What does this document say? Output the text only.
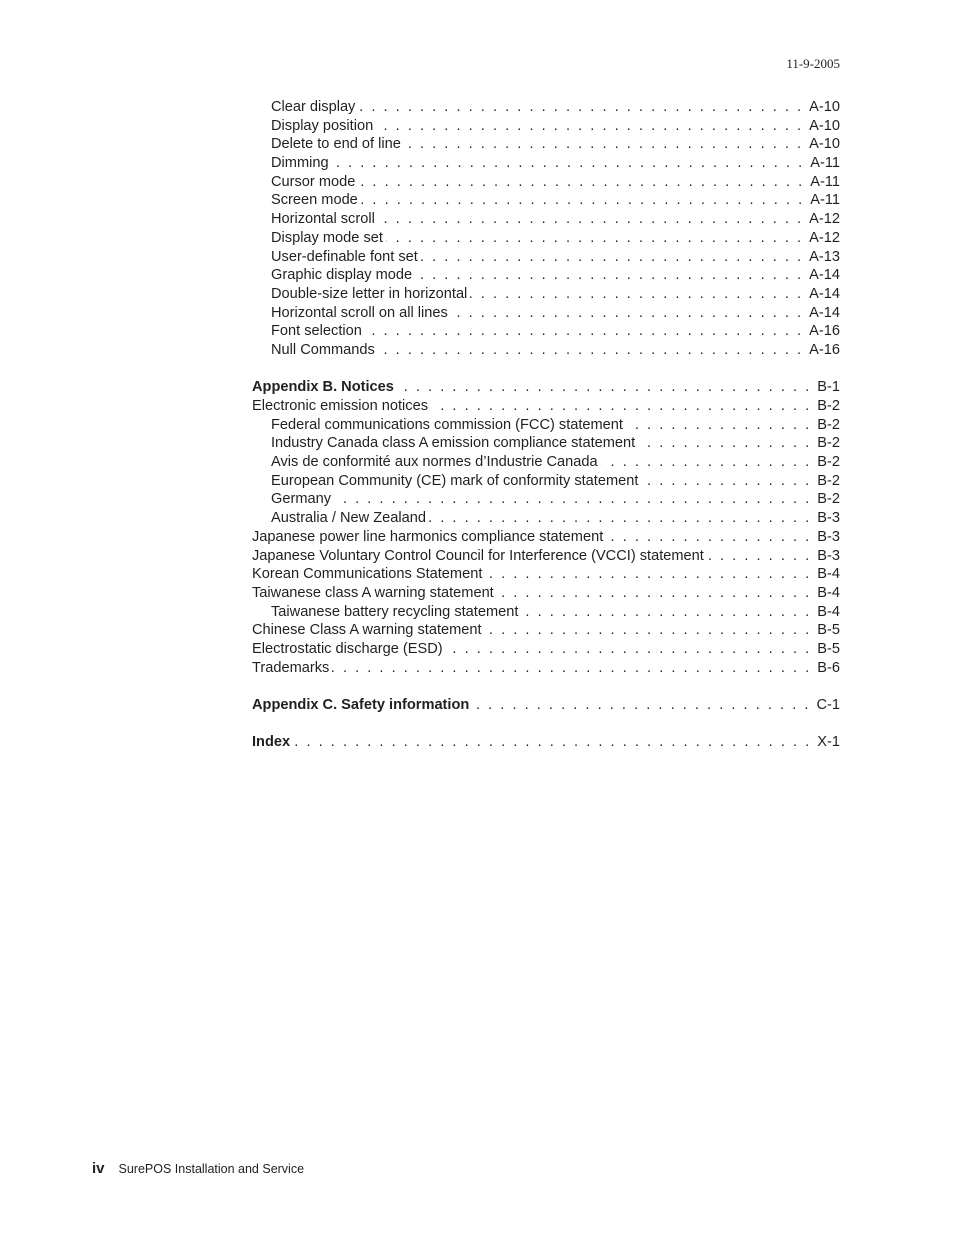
11-9-2005
Clear display . .	A-10
Display position . .	A-10
Delete to end of line . .	A-10
Dimming . .	A-11
Cursor mode . .	A-11
Screen mode . .	A-11
Horizontal scroll . .	A-12
Display mode set . .	A-12
User-definable font set . .	A-13
Graphic display mode . .	A-14
Double-size letter in horizontal . .	A-14
Horizontal scroll on all lines . .	A-14
Font selection . .	A-16
Null Commands . .	A-16
Appendix B. Notices . .	B-1
Electronic emission notices . .	B-2
Federal communications commission (FCC) statement . .	B-2
Industry Canada class A emission compliance statement . .	B-2
Avis de conformité aux normes d’Industrie Canada . .	B-2
European Community (CE) mark of conformity statement . .	B-2
Germany . .	B-2
Australia / New Zealand . .	B-3
Japanese power line harmonics compliance statement . .	B-3
Japanese Voluntary Control Council for Interference (VCCI) statement . .	B-3
Korean Communications Statement . .	B-4
Taiwanese class A warning statement . .	B-4
Taiwanese battery recycling statement . .	B-4
Chinese Class A warning statement . .	B-5
Electrostatic discharge (ESD) . .	B-5
Trademarks . .	B-6
Appendix C. Safety information . .	C-1
Index . .	X-1
iv SurePOS Installation and Service
